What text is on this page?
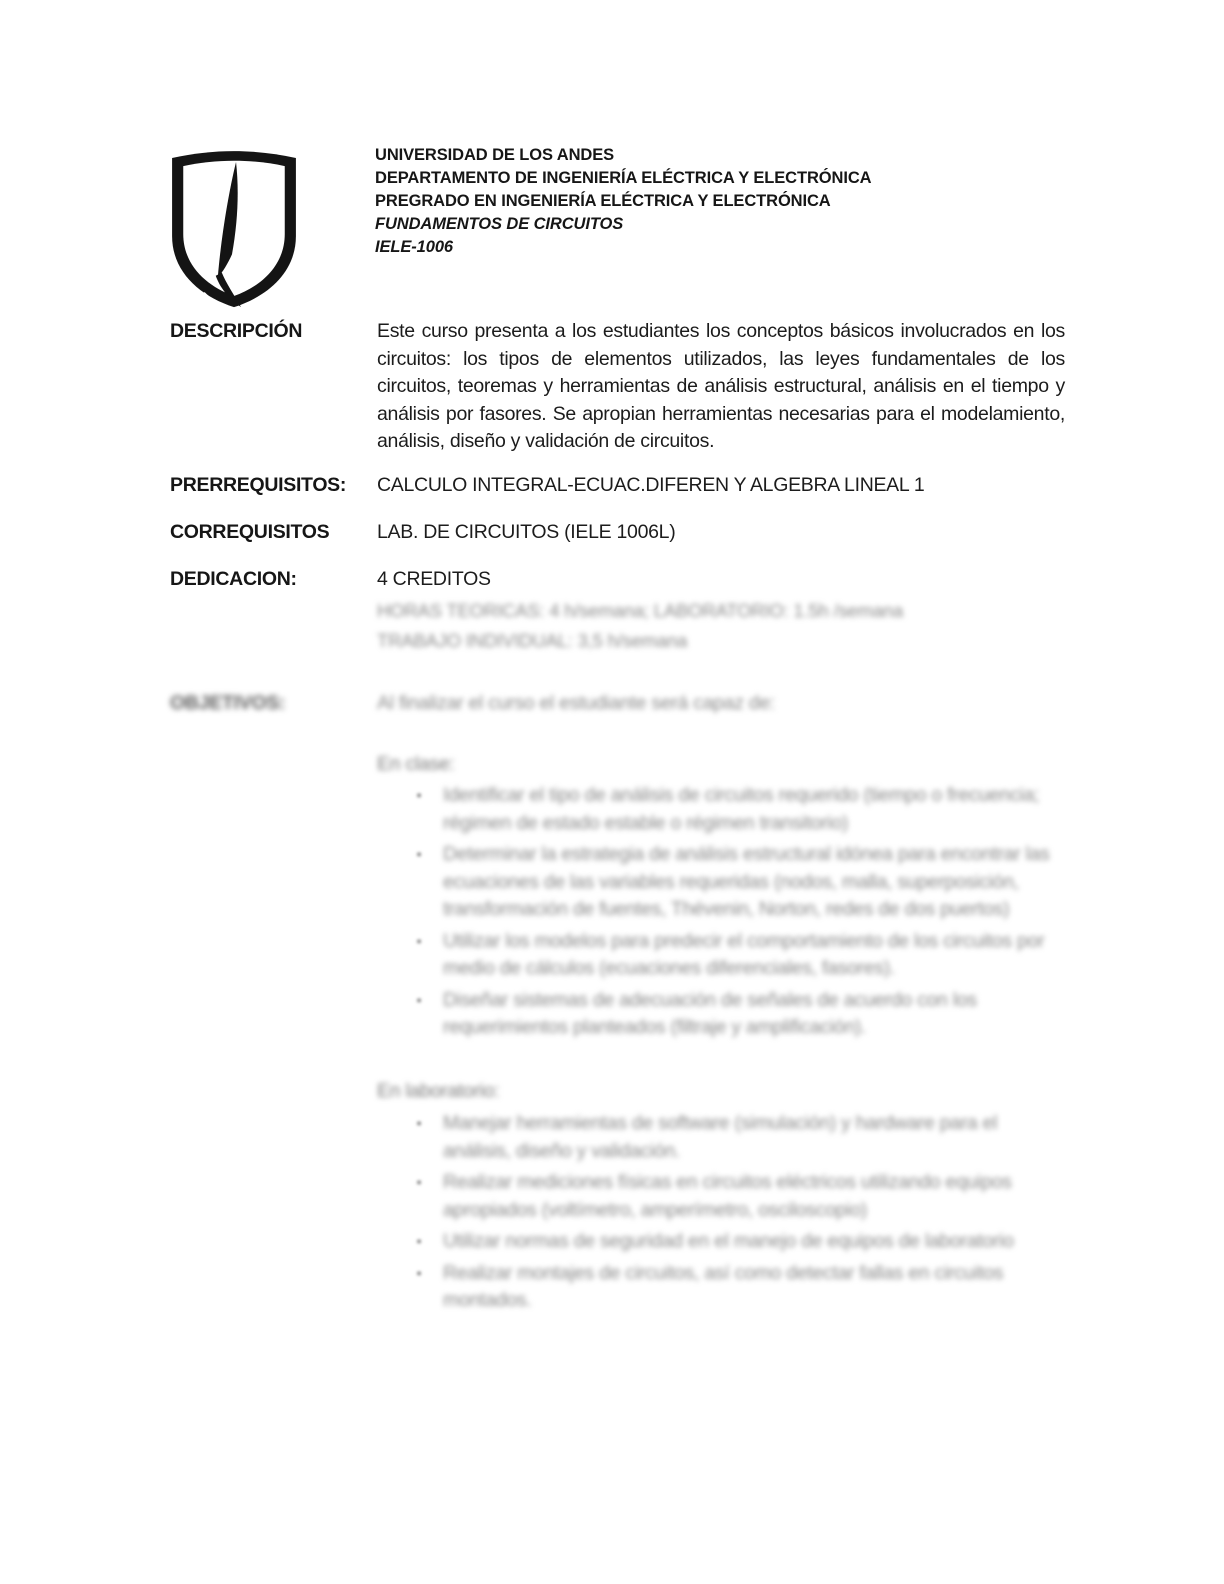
UNIVERSIDAD DE LOS ANDES
DEPARTAMENTO DE INGENIERÍA ELÉCTRICA Y ELECTRÓNICA
PREGRADO EN INGENIERÍA ELÉCTRICA Y ELECTRÓNICA
FUNDAMENTOS DE CIRCUITOS
IELE-1006
DESCRIPCIÓN	Este curso presenta a los estudiantes los conceptos básicos involucrados en los circuitos: los tipos de elementos utilizados, las leyes fundamentales de los circuitos, teoremas y herramientas de análisis estructural, análisis en el tiempo y análisis por fasores. Se apropian herramientas necesarias para el modelamiento, análisis, diseño y validación de circuitos.
PRERREQUISITOS: CALCULO INTEGRAL-ECUAC.DIFEREN Y ALGEBRA LINEAL 1
CORREQUISITOS LAB. DE CIRCUITOS (IELE 1006L)
DEDICACION:	4 CREDITOS
HORAS TEORICAS: 4 h/semana; LABORATORIO: 1.5h /semana
TRABAJO INDIVIDUAL: 3,5 h/semana
OBJETIVOS:	Al finalizar el curso el estudiante será capaz de:
En clase:
▪	Identificar el tipo de análisis de circuitos requerido (tiempo o frecuencia; régimen de estado estable o régimen transitorio)
▪	Determinar la estrategia de análisis estructural idónea para encontrar las ecuaciones de las variables requeridas (nodos, malla, superposición, transformación de fuentes, Thévenin, Norton, redes de dos puertos)
▪	Utilizar los modelos para predecir el comportamiento de los circuitos por medio de cálculos (ecuaciones diferenciales, fasores).
▪	Diseñar sistemas de adecuación de señales de acuerdo con los requerimientos planteados (filtraje y amplificación).
En laboratorio:
▪	Manejar herramientas de software (simulación) y hardware para el análisis, diseño y validación.
▪	Realizar mediciones físicas en circuitos eléctricos utilizando equipos apropiados (voltímetro, amperímetro, osciloscopio)
▪	Utilizar normas de seguridad en el manejo de equipos de laboratorio
▪	Realizar montajes de circuitos, así como detectar fallas en circuitos montados.
